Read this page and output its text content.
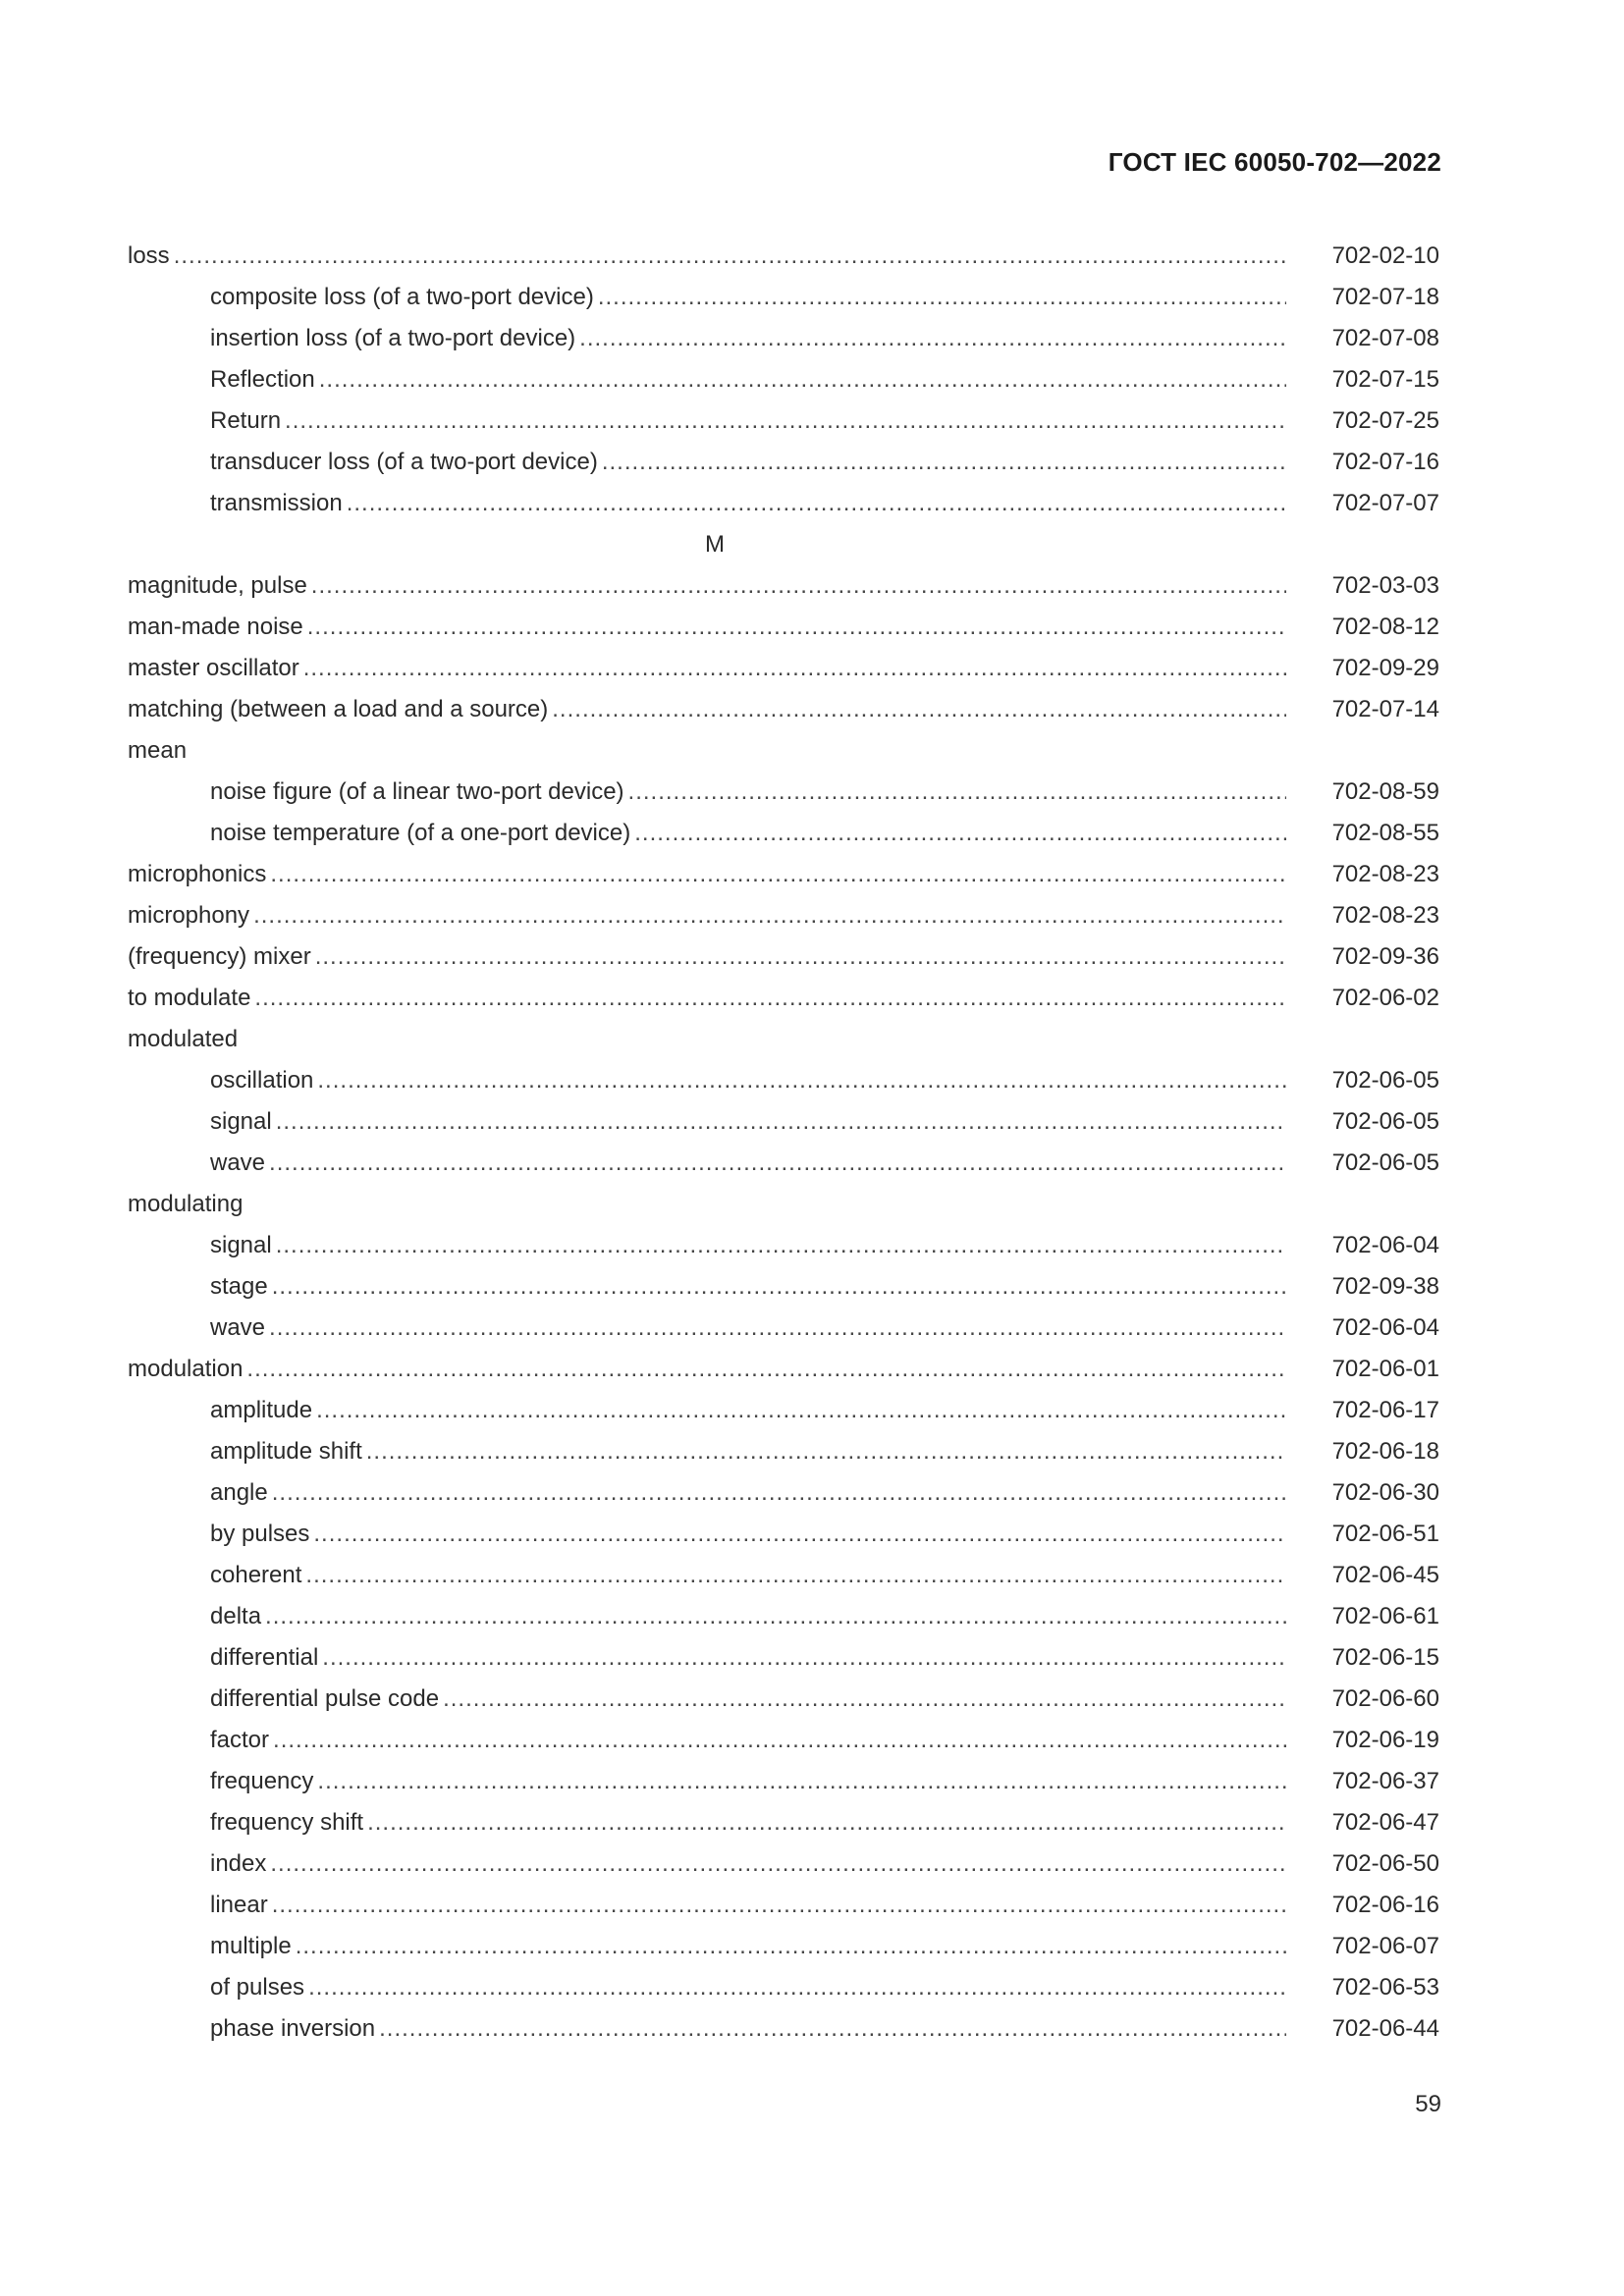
ГОСТ IEC 60050-702—2022
loss .....	702-02-10
composite loss (of a two-port device) .....	702-07-18
insertion loss (of a two-port device) .....	702-07-08
Reflection .....	702-07-15
Return .....	702-07-25
transducer loss (of a two-port device) .....	702-07-16
transmission .....	702-07-07
M
magnitude, pulse .....	702-03-03
man-made noise .....	702-08-12
master oscillator .....	702-09-29
matching (between a load and a source) .....	702-07-14
mean
noise figure (of a linear two-port device) .....	702-08-59
noise temperature (of a one-port device) .....	702-08-55
microphonics .....	702-08-23
microphony .....	702-08-23
(frequency) mixer .....	702-09-36
to modulate .....	702-06-02
modulated
oscillation .....	702-06-05
signal .....	702-06-05
wave .....	702-06-05
modulating
signal .....	702-06-04
stage .....	702-09-38
wave .....	702-06-04
modulation .....	702-06-01
amplitude .....	702-06-17
amplitude shift .....	702-06-18
angle .....	702-06-30
by pulses .....	702-06-51
coherent .....	702-06-45
delta .....	702-06-61
differential .....	702-06-15
differential pulse code .....	702-06-60
factor .....	702-06-19
frequency .....	702-06-37
frequency shift .....	702-06-47
index .....	702-06-50
linear .....	702-06-16
multiple .....	702-06-07
of pulses .....	702-06-53
phase inversion .....	702-06-44
59
